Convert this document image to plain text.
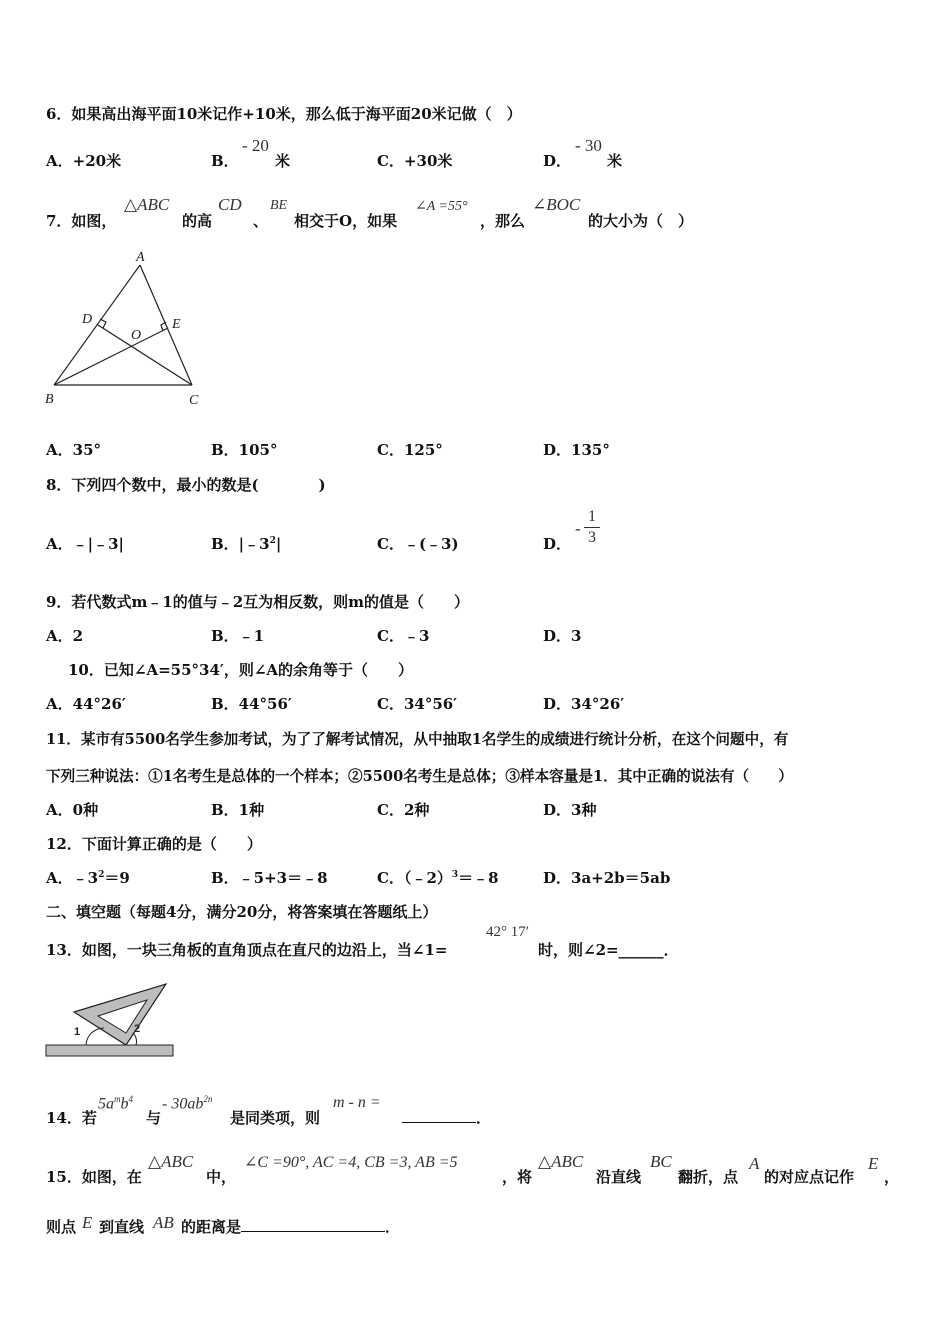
6．如果高出海平面10米记作+10米，那么低于海平面20米记做（　）
A．+20米	B．
- 20
米	C．+30米	D．
- 30
米
7．如图，
△ABC
的高
CD
、
BE
相交于O，如果
∠A =55°
，那么
∠BOC
的大小为（　）
A
B	C
D	E
O
A．35°	B．105°	C．125°	D．135°
8．下列四个数中，最小的数是(　　　　)
A．﹣|﹣3|	B．$|﹣3^2|$	C．﹣(﹣3)	D．
-
1
3
9．若代数式m﹣1的值与﹣2互为相反数，则m的值是（　　）
A．2	B．﹣1	C．﹣3	D．3
10．已知∠A=55°34′，则∠A的余角等于（　　）
A．44°26′	B．44°56′	C．34°56′	D．34°26′
11．某市有5500名学生参加考试，为了了解考试情况，从中抽取1名学生的成绩进行统计分析，在这个问题中，有
下列三种说法：①1名考生是总体的一个样本；②5500名考生是总体；③样本容量是1．其中正确的说法有（　　）
A．0种	B．1种	C．2种	D．3种
12．下面计算正确的是（　　）
A．$﹣3^2=9$	B．﹣5+3＝﹣8	C．（﹣2）$^3$＝﹣8	D．3a+2b＝5ab
二、填空题（每题4分，满分20分，将答案填在答题纸上）
13．如图，一块三角板的直角顶点在直尺的边沿上，当∠1=
42° 17′
时，则∠2=______．
1	2
14．若
$5a^mb^4$
与
- $30ab^{2n}$
是同类项，则
m - n =
．
15．如图，在
△ABC
中，
∠C =90°, AC =4, CB =3, AB =5
，将
△ABC
沿直线
BC
翻折，点
A
的对应点记作
E
，
则点 E 到直线 AB 的距离是	．
